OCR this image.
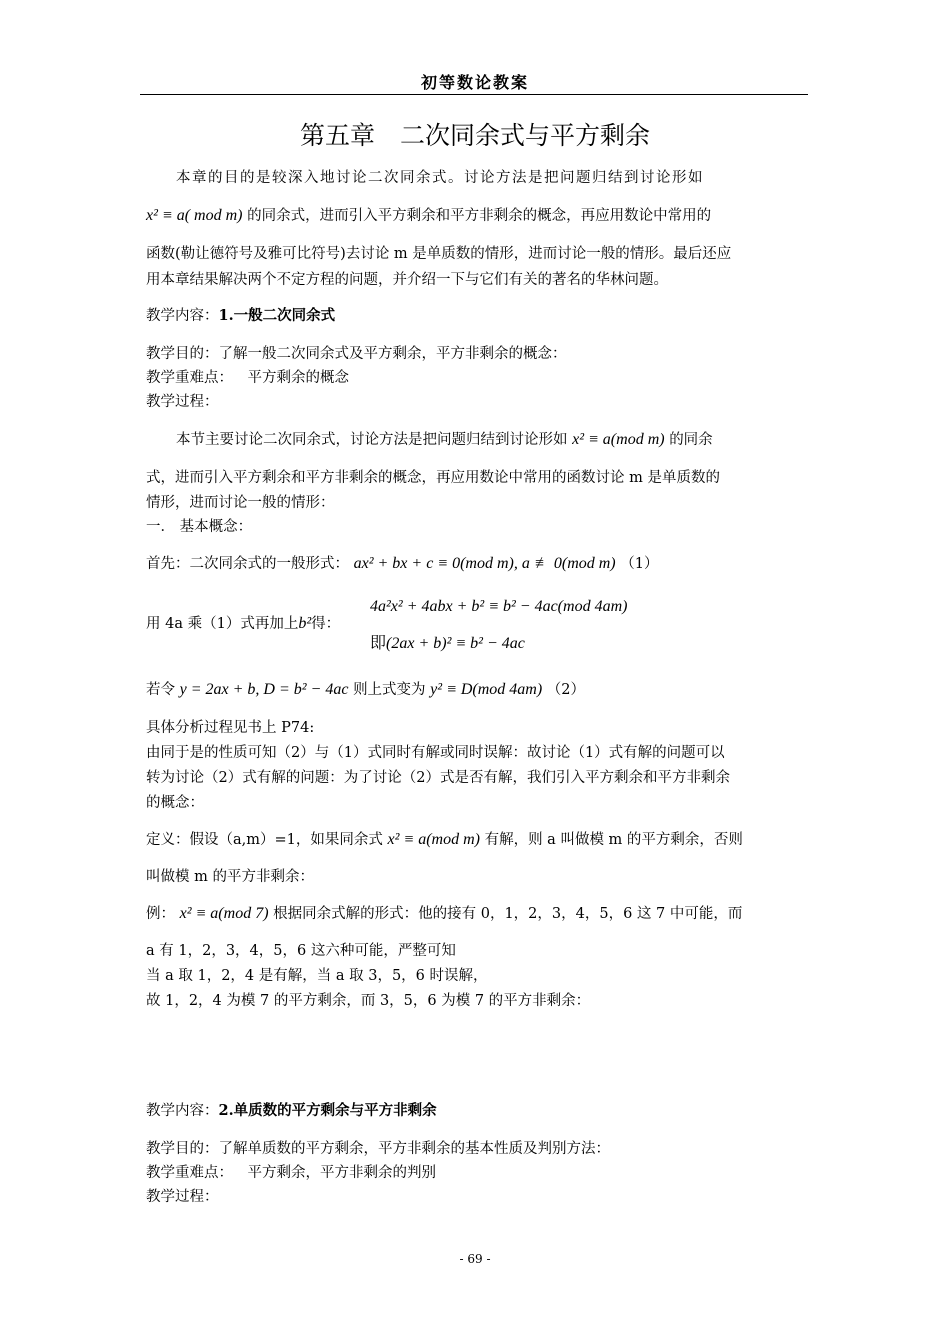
初等数论教案
第五章　二次同余式与平方剩余
本章的目的是较深入地讨论二次同余式。讨论方法是把问题归结到讨论形如
x² ≡ a( mod m) 的同余式，进而引入平方剩余和平方非剩余的概念，再应用数论中常用的
函数(勒让德符号及雅可比符号)去讨论 m 是单质数的情形，进而讨论一般的情形。最后还应
用本章结果解决两个不定方程的问题，并介绍一下与它们有关的著名的华林问题。
教学内容：1.一般二次同余式
教学目的：了解一般二次同余式及平方剩余，平方非剩余的概念：
教学重难点：  平方剩余的概念
教学过程：
本节主要讨论二次同余式，讨论方法是把问题归结到讨论形如 x² ≡ a(mod m) 的同余
式，进而引入平方剩余和平方非剩余的概念，再应用数论中常用的函数讨论 m 是单质数的
情形，进而讨论一般的情形：
一． 基本概念：
首先：二次同余式的一般形式： ax² + bx + c ≡ 0(mod m), a ≢ 0(mod m) （1）
用 4a 乘（1）式再加上b²得：
4a²x² + 4abx + b² ≡ b² − 4ac(mod 4am)
即(2ax + b)² ≡ b² − 4ac
若令 y = 2ax + b, D = b² − 4ac 则上式变为 y² ≡ D(mod 4am) （2）
具体分析过程见书上 P74:
由同于是的性质可知（2）与（1）式同时有解或同时误解：故讨论（1）式有解的问题可以
转为讨论（2）式有解的问题：为了讨论（2）式是否有解，我们引入平方剩余和平方非剩余
的概念：
定义：假设（a,m）=1，如果同余式 x² ≡ a(mod m) 有解，则 a 叫做模 m 的平方剩余，否则
叫做模 m 的平方非剩余：
例： x² ≡ a(mod 7) 根据同余式解的形式：他的接有 0，1，2，3，4，5，6 这 7 中可能，而
a 有 1，2，3，4，5，6 这六种可能，严整可知
当 a 取 1，2，4 是有解，当 a 取 3，5，6 时误解，
故 1，2，4 为模 7 的平方剩余，而 3，5，6 为模 7 的平方非剩余：
教学内容：2.单质数的平方剩余与平方非剩余
教学目的：了解单质数的平方剩余，平方非剩余的基本性质及判别方法：
教学重难点：  平方剩余，平方非剩余的判别
教学过程：
- 69 -
